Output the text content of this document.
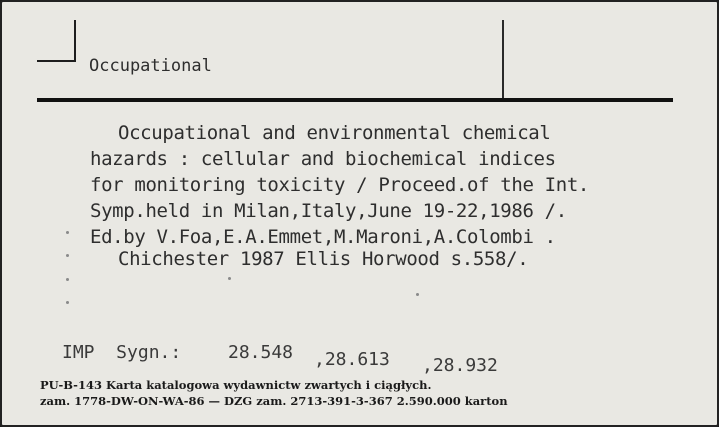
Occupational

Occupational and environmental chemical

hazards : cellular and biochemical indices

for monitoring toxicity / Proceed.of the Int.

Symp.held in Milan,Italy,June 19-22,1986 /.

Ed.by V.Foa,E.A.Emmet,M.Maroni,A.Colombi .

Chichester 1987 Ellis Horwood s.558/.

IMP  Sygn.:	28.548 ,28.613 ,28.932

PU-B-143 Karta katalogowa wydawnictw zwartych i ciągłych.

zam. 1778-DW-ON-WA-86 — DZG zam. 2713-391-3-367 2.590.000 karton
